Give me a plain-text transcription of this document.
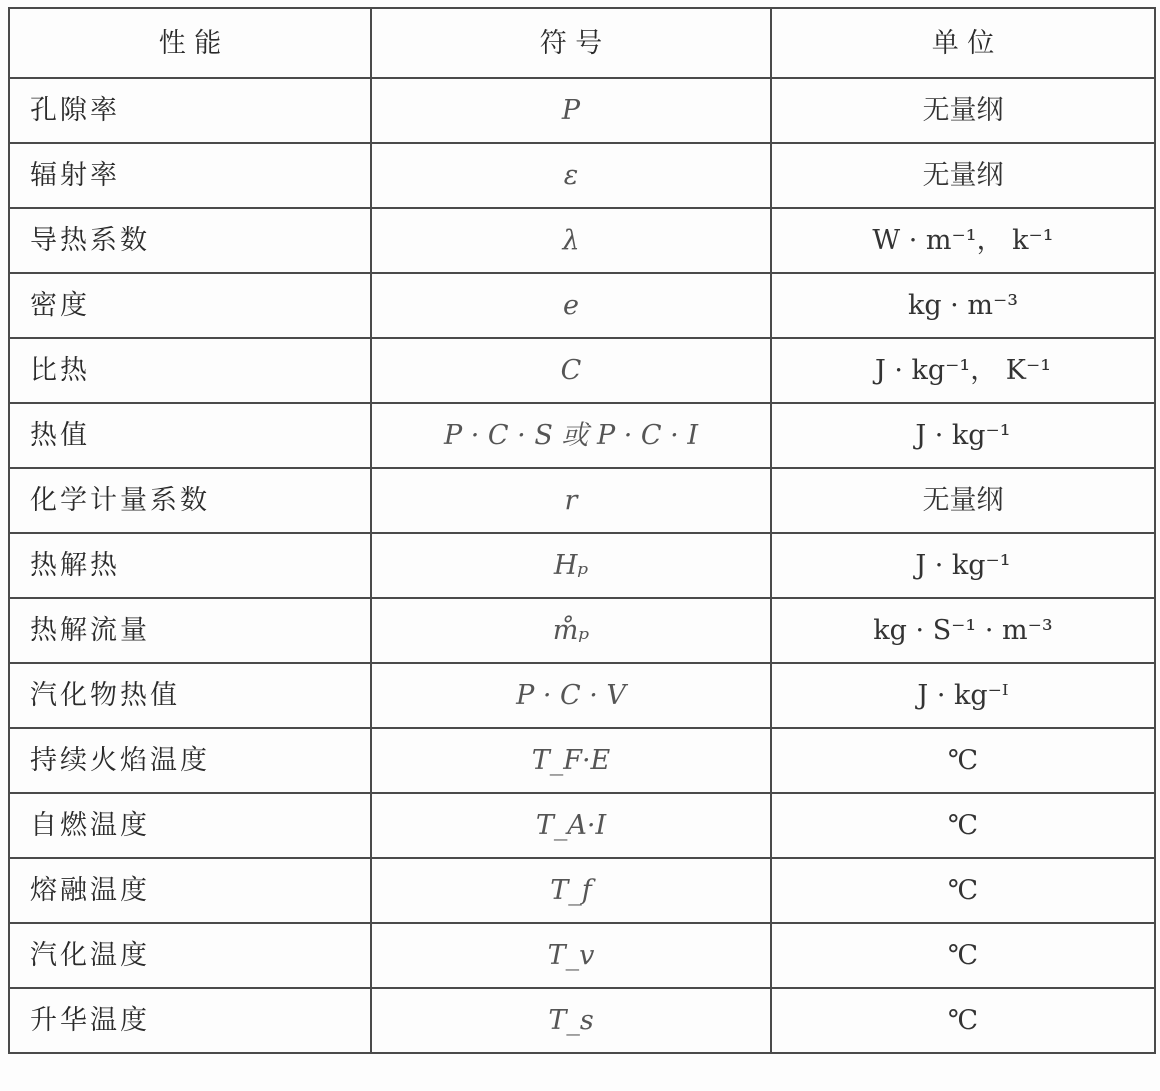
性 能	符 号	单 位
孔隙率	P	无量纲
辐射率	ε	无量纲
导热系数	λ	W · m⁻¹， k⁻¹
密度	e	kg · m⁻³
比热	C	J · kg⁻¹， K⁻¹
热值	P · C · S 或 P · C · I	J · kg⁻¹
化学计量系数	r	无量纲
热解热	Hₚ	J · kg⁻¹
热解流量	m̊ₚ	kg · S⁻¹ · m⁻³
汽化物热值	P · C · V	J · kg⁻ᴵ
持续火焰温度	T_F·E	℃
自燃温度	T_A·I	℃
熔融温度	T_f	℃
汽化温度	T_v	℃
升华温度	T_s	℃
